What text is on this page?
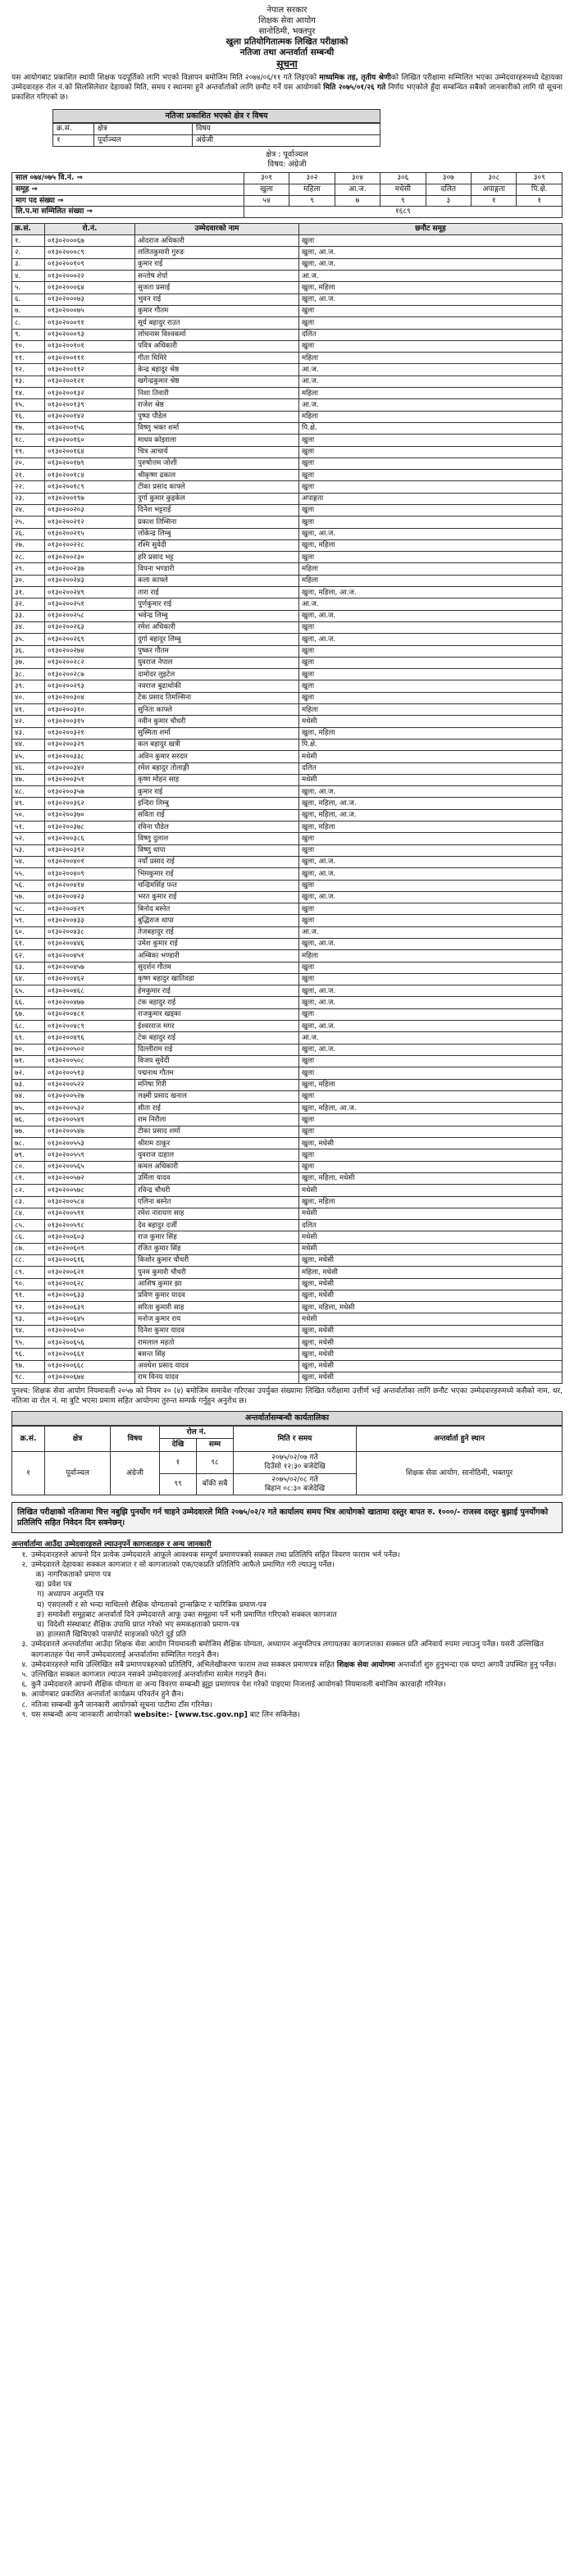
नेपाल सरकार
शिक्षक सेवा आयोग
सानोठिमी, भक्तपुर
खुला प्रतियोगितात्मक लिखित परीक्षाको
नतिजा तथा अन्तर्वार्ता सम्बन्धी
सूचना

यस आयोगबाट प्रकाशित स्थायी शिक्षक पदपूर्तिको लागि भएको विज्ञापन बमोजिम मिति २०७४/०६/११ गते लिइएको माध्यमिक तह, तृतीय श्रेणीको लिखित परीक्षामा सम्मिलित भएका उम्मेदवारहरुमध्ये देहायका उम्मेदवारहरु रोल नं.को सिलसिलेवार देहायको मिति, समय र स्थानमा हुने अन्तर्वार्ताको लागि छनौट गर्ने यस आयोगको मिति २०७५/०१/२६ गते निर्णय भएकोले हुँदा सम्बन्धित सबैको जानकारीको लागि यो सूचना प्रकाशित गरिएको छ।

नतिजा प्रकाशित भएको क्षेत्र र विषय
क्र.सं.	क्षेत्र	विषय
१	पूर्वाञ्चल	अंग्रेजी
क्षेत्र : पूर्वाञ्चल
विषय: अंग्रेजी
साल ०७४/०७५ वि.नं. ⇒	३०१	३०२	३०४	३०६	३०७	३०८	३०९
समूह ⇒	खुला	महिला	आ.ज.	मधेसी	दलित	अपाङ्गता	पि.क्षे.
माग पद संख्या ⇒	५४	९	७	९	३	१	१
लि.प.मा सम्मिलित संख्या ⇒	१६८९						
क्र.सं.	रो.नं.	उम्मेदवारको नाम	छनौट समूह
१.	०१३०२०००६७	ओदराज अधिकारी	खुला
२.	०१३०२०००८९	ललितकुमारी गुरुङ	खुला, आ.ज.
३.	०१३०२००१०९	कुमार राई	खुला, आ.ज.
४.	०१३०२०००२२	सन्तोष शेर्पा	आ.ज.
५.	०१३०२०००६४	सुजता प्रसाई	खुला, महिला
६.	०१३०२०००७३	भुवन राई	खुला, आ.ज.
७.	०१३०२०००७५	कुमार गौतम	खुला
८.	०१३०२०००९१	सूर्य बहादुर राउत	खुला
९.	०१३०२०००९३	लोचनास विश्वकर्मा	दलित
१०.	०१३०२००१०१	पवित्र अधिकारी	खुला
११.	०१३०२००१११	गीता घिमिरे	महिला
१२.	०१३०२००११२	केन्द्र बहादुर श्रेष्ठ	आ.ज.
१३.	०१३०२००१२१	खगेन्द्रकुमार श्रेष्ठ	आ.ज.
१४.	०१३०२००१३२	निशा तिवारी	महिला
१५.	०१३०२००१३९	राजेश श्रेष्ठ	आ.ज.
१६.	०१३०२००१४२	पुष्पा पौडेल	महिला
१७.	०१३०२००१५६	विष्णु भक्त शर्मा	पि.क्षे.
१८.	०१३०२००१६०	माधव कोइराला	खुला
१९.	०१३०२००१६४	चित्र आचार्य	खुला
२०.	०१३०२००१७९	पुरुषोत्तम जोशी	खुला
२१.	०१३०२००१८४	श्रीकृष्ण ढकाल	खुला
२२.	०१३०२००१८९	टीका प्रसाद काफ्ले	खुला
२३.	०१३०२००१९७	दुर्गा कुमार कुइकेल	अपाङ्गता
२४.	०१३०२००२०३	दिनेश भट्टराई	खुला
२५.	०१३०२००२१२	प्रकाश तिम्सिना	खुला
२६.	०१३०२००२१५	लोकेन्द्र लिम्बु	खुला, आ.ज.
२७.	०१३०२००२२८	रश्मि सुवेदी	खुला, महिला
२८.	०१३०२००२३०	हरि प्रसाद भट्ट	खुला
२९.	०१३०२००२३७	विपना भण्डारी	महिला
३०.	०१३०२००२४३	कला काफ्ले	महिला
३१.	०१३०२००२४९	तारा राई	खुला, महिला, आ.ज.
३२.	०१३०२००२५१	पुर्णकुमार राई	आ.ज.
३३.	०१३०२००२५८	भवेन्द्र लिम्बु	खुला, आ.ज.
३४.	०१३०२००२६३	रमेश अधिकारी	खुला
३५.	०१३०२००२६९	दुर्गा बहादुर लिम्बु	खुला, आ.ज.
३६.	०१३०२००२७४	पुष्कर गौतम	खुला
३७.	०१३०२००२८२	युवराज नेपाल	खुला
३८.	०१३०२००२८७	दामोदर लुइटेल	खुला
३९.	०१३०२००२९३	नवराज बुढाथोकी	खुला
४०.	०१३०२००३०४	टेक प्रसाद तिमल्सिना	खुला
४१.	०१३०२००३१०	सुनिता काफ्ले	महिला
४२.	०१३०२००३१५	नवीन कुमार चौधरी	मधेसी
४३.	०१३०२००३२१	सुस्मिता शर्मा	खुला, महिला
४४.	०१३०२००३२९	कल बहादुर खत्री	पि.क्षे.
४५.	०१३०२००३३८	अविन कुमार सरदार	मधेसी
४६.	०१३०२००३४२	रमेश बहादुर तोलाङ्गी	दलित
४७.	०१३०२००३५१	कृष्ण मोहन साह	मधेसी
४८.	०१३०२००३५७	कुमार राई	खुला, आ.ज.
४९.	०१३०२००३६२	इन्दिरा लिम्बु	खुला, महिला, आ.ज.
५०.	०१३०२००३७०	सविता राई	खुला, महिला, आ.ज.
५१.	०१३०२००३७८	रविना पौडेल	खुला, महिला
५२.	०१३०२००३८६	विष्णु दुलाल	खुला
५३.	०१३०२००३९२	विष्णु थापा	खुला
५४.	०१३०२००४०१	नयाँ प्रसाद राई	खुला, आ.ज.
५५.	०१३०२००४०९	भिमकुमार राई	खुला, आ.ज.
५६.	०१३०२००४१४	चन्द्रिमसिंह पन्त	खुला
५७.	०१३०२००४२३	भरत कुमार राई	खुला, आ.ज.
५८.	०१३०२००४२९	बिनोद बस्नेत	खुला
५९.	०१३०२००४३३	बुद्धिराज थापा	खुला
६०.	०१३०२००४३८	तेजबहादुर राई	आ.ज.
६१.	०१३०२००४४६	उमेश कुमार राई	खुला, आ.ज.
६२.	०१३०२००४५१	अम्बिका भण्डारी	महिला
६३.	०१३०२००४५७	सुदर्शन गौतम	खुला
६४.	०१३०२००४६२	कृष्ण बहादुर खातिवडा	खुला
६५.	०१३०२००४६८	हेमकुमार राई	खुला, आ.ज.
६६.	०१३०२००४७७	टंक बहादुर राई	खुला, आ.ज.
६७.	०१३०२००४८१	राजकुमार खड्का	खुला
६८.	०१३०२००४८९	ईश्वरराज मगर	खुला, आ.ज.
६९.	०१३०२००४९६	टेक बहादुर राई	आ.ज.
७०.	०१३०२००५०२	दिल्लीराम राई	खुला, आ.ज.
७१.	०१३०२००५०८	विजय सुवेदी	खुला
७२.	०१३०२००५१३	पद्मनाथ गौतम	खुला
७३.	०१३०२००५२२	मनिषा गिरी	खुला, महिला
७४.	०१३०२००५२७	लक्ष्मी प्रसाद खनाल	खुला
७५.	०१३०२००५३२	सीता राई	खुला, महिला, आ.ज.
७६.	०१३०२००५४१	राम निरौला	खुला
७७.	०१३०२००५४७	टीका प्रसाद शर्मा	खुला
७८.	०१३०२००५५३	श्रीराम ठाकुर	खुला, मधेसी
७९.	०१३०२००५५९	युवराज दाहाल	खुला
८०.	०१३०२००५६५	कमल अधिकारी	खुला
८१.	०१३०२००५७२	उर्मिला यादव	खुला, महिला, मधेसी
८२.	०१३०२००५७८	रविन्द्र चौधरी	मधेसी
८३.	०१३०२००५८४	एलिना बस्नेत	खुला, महिला
८४.	०१३०२००५९१	रमेश नारायण साह	मधेसी
८५.	०१३०२००५९८	देव बहादुर दर्जी	दलित
८६.	०१३०२००६०३	राज कुमार सिंह	मधेसी
८७.	०१३०२००६०९	रंजित कुमार सिंह	मधेसी
८८.	०१३०२००६१६	किशोर कुमार चौधरी	खुला, मधेसी
८९.	०१३०२००६२१	पुनम कुमारी चौधरी	महिला, मधेसी
९०.	०१३०२००६२८	आशिष कुमार झा	खुला, मधेसी
९१.	०१३०२००६३३	प्रविण कुमार यादव	खुला, मधेसी
९२.	०१३०२००६३९	सरिता कुमारी साह	खुला, महिला, मधेसी
९३.	०१३०२००६४५	मनोज कुमार राय	मधेसी
९४.	०१३०२००६५०	दिनेश कुमार यादव	खुला, मधेसी
९५.	०१३०२००६५६	रामलाल महतो	खुला, मधेसी
९६.	०१३०२००६६१	बसन्त सिंह	खुला, मधेसी
९७.	०१३०२००६६८	अवधेश प्रसाद यादव	खुला, मधेसी
९८.	०१३०२००६७४	राम विनय यादव	खुला, मधेसी

पुनश्च: शिक्षक सेवा आयोग नियमावली २०५७ को नियम २० (४) बमोजिम समावेश गरिएका उपर्युक्त संख्यामा लिखित परीक्षामा उत्तीर्ण भई अन्तर्वार्ताका लागि छनौट भएका उम्मेदवारहरुमध्ये कसैको नाम, थर, नतिजा वा रोल नं. मा त्रुटि भएमा प्रमाण सहित आयोगमा तुरुन्त सम्पर्क गर्नुहुन अनुरोध छ।

अन्तर्वार्तासम्बन्धी कार्यतालिका
क्र.सं.	क्षेत्र	विषय	रोल नं.		मिति र समय	अन्तर्वार्ता हुने स्थान
			देखि	सम्म		
१	पूर्वाञ्चल	अंग्रेजी	१	९८	२०७५/०२/०७ गते
दिउँसो १२:३० बजेदेखि	शिक्षक सेवा आयोग, सानोठिमी, भक्तपुर
			९९	बाँकी सबै	२०७५/०२/०८ गते
बिहान ०८:३० बजेदेखि	
लिखित परीक्षाको नतिजामा चित्त नबुझि पुनर्योग गर्न चाहने उम्मेदवारले मिति २०७५/०२/२ गते कार्यालय समय भित्र आयोगको खातामा दस्तुर बापत रु. १०००/- राजस्व दस्तुर बुझाई पुनर्योगको प्रतिलिपि सहित निवेदन दिन सक्नेछन्।
अन्तर्वार्तामा आउँदा उम्मेदवारहरुले ल्याउनुपर्ने कागजातहरु र अन्य जानकारी
१. उम्मेदवारहरुले आफ्नो दिन प्रत्येक उम्मेदवारले आफूले आवश्यक सम्पूर्ण प्रमाणपत्रको सक्कल तथा प्रतिलिपि सहित विवरण फाराम भर्न पर्नेछ।
२. उम्मेदवारले देहायका सक्कल कागजात र सो कागजातको एक/एकप्रति प्रतिलिपि आफैले प्रमाणित गरी ल्याउनु पर्नेछ।
क) नागरिकताको प्रमाण पत्र
ख) प्रवेश पत्र
ग) अध्यापन अनुमति पत्र
घ) एसएलसी र सो भन्दा माथिल्लो शैक्षिक योग्यताको ट्रान्सक्रिप्ट र चारित्रिक प्रमाण-पत्र
ङ) समावेशी समूहबाट अन्तर्वार्ता दिने उम्मेदवारले आफू उक्त समूहमा पर्ने भनी प्रमाणित गरिएको सक्कल कागजात
च) विदेशी संस्थाबाट शैक्षिक उपाधि प्राप्त गरेको भए समकक्षताको प्रमाण-पत्र
छ) हालसालै खिचिएको पासपोर्ट साइजको फोटो दुई प्रति
३. उम्मेदवारले अन्तर्वार्तामा आउँदा शिक्षक सेवा आयोग नियमावली बमोजिम शैक्षिक योग्यता, अध्यापन अनुमतिपत्र लगायतका कागजातका सक्कल प्रति अनिवार्य रुपमा ल्याउनु पर्नेछ। यसरी उल्लिखित कागजातहरु पेश नगर्ने उम्मेदवारलाई अन्तर्वार्तामा सम्मिलित गराइने छैन।
४. उम्मेदवारहरुले माथि उल्लिखित सबै प्रमाणपत्रहरुको प्रतिलिपि, अभिलेखीकरण फाराम तथा सक्कल प्रमाणपत्र सहित शिक्षक सेवा आयोगमा अन्तर्वार्ता शुरु हुनुभन्दा एक घण्टा अगावै उपस्थित हुनु पर्नेछ।
५. उल्लिखित सक्कल कागजात ल्याउन नसक्ने उम्मेदवारलाई अन्तर्वार्तामा सामेल गराइने छैन।
६. कुनै उम्मेदवारले आफ्नो शैक्षिक योग्यता वा अन्य विवरण सम्बन्धी झुट्टा प्रमाणपत्र पेश गरेको पाइएमा निजलाई आयोगको नियमावली बमोजिम कारवाही गरिनेछ।
७. आयोगबाट प्रकाशित अन्तर्वार्ता कार्यक्रम परिवर्तन हुने छैन।
८. नतिजा सम्बन्धी कुनै जानकारी आयोगको सूचना पाटीमा टाँस गरिनेछ।
९. यस सम्बन्धी अन्य जानकारी आयोगको website:- [www.tsc.gov.np] बाट लिन सकिनेछ।
